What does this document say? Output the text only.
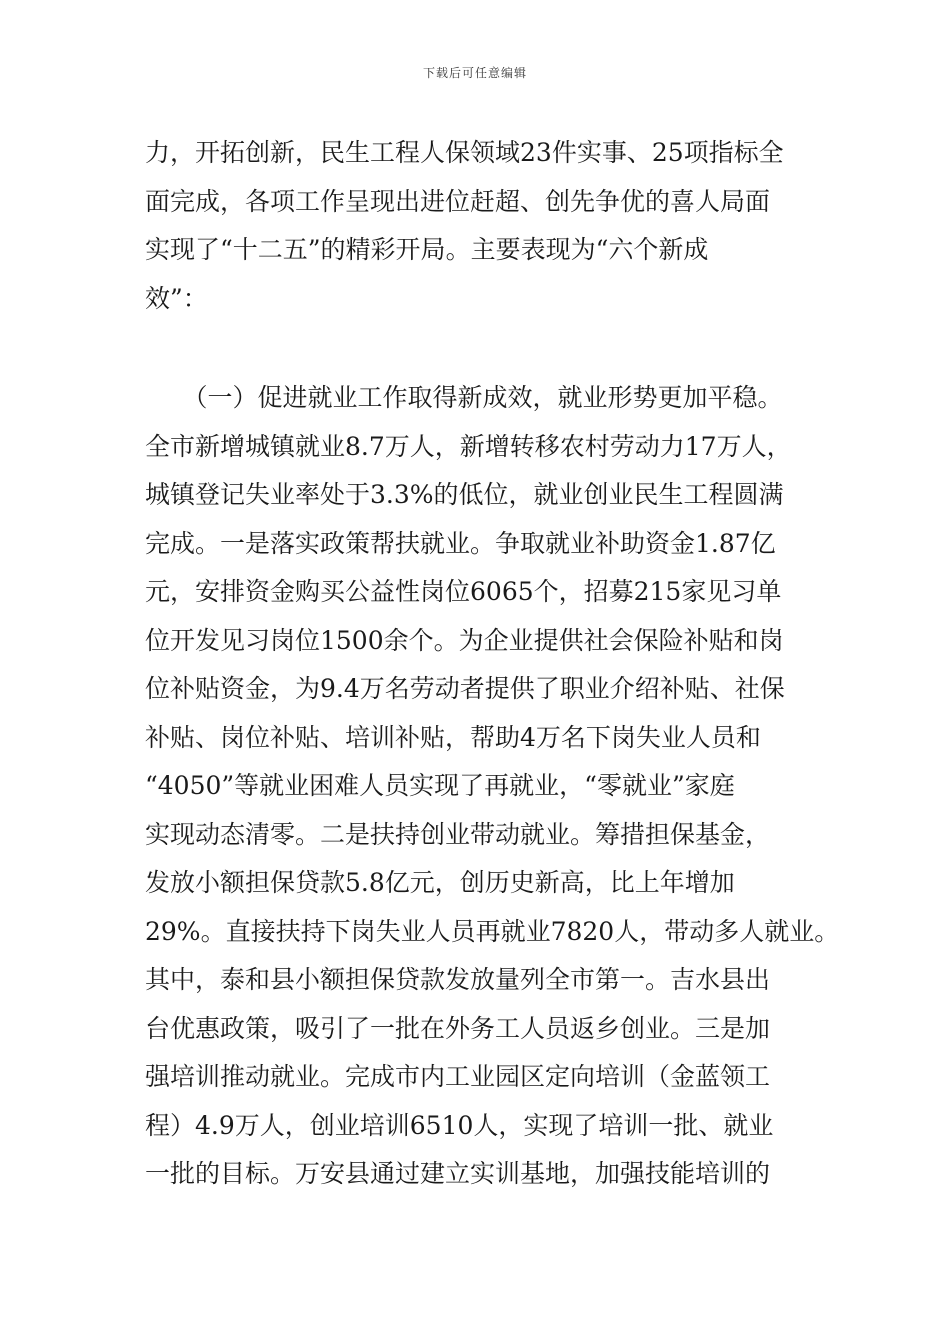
下载后可任意编辑
力，开拓创新，民生工程人保领域23件实事、25项指标全
面完成，各项工作呈现出进位赶超、创先争优的喜人局面
实现了“十二五”的精彩开局。主要表现为“六个新成
效”：
　　（一）促进就业工作取得新成效，就业形势更加平稳。
全市新增城镇就业8.7万人，新增转移农村劳动力17万人，
城镇登记失业率处于3.3%的低位，就业创业民生工程圆满
完成。一是落实政策帮扶就业。争取就业补助资金1.87亿
元，安排资金购买公益性岗位6065个，招募215家见习单
位开发见习岗位1500余个。为企业提供社会保险补贴和岗
位补贴资金，为9.4万名劳动者提供了职业介绍补贴、社保
补贴、岗位补贴、培训补贴，帮助4万名下岗失业人员和
“4050”等就业困难人员实现了再就业，“零就业”家庭
实现动态清零。二是扶持创业带动就业。筹措担保基金，
发放小额担保贷款5.8亿元，创历史新高，比上年增加
29%。直接扶持下岗失业人员再就业7820人，带动多人就业。
其中，泰和县小额担保贷款发放量列全市第一。吉水县出
台优惠政策，吸引了一批在外务工人员返乡创业。三是加
强培训推动就业。完成市内工业园区定向培训（金蓝领工
程）4.9万人，创业培训6510人，实现了培训一批、就业
一批的目标。万安县通过建立实训基地，加强技能培训的
